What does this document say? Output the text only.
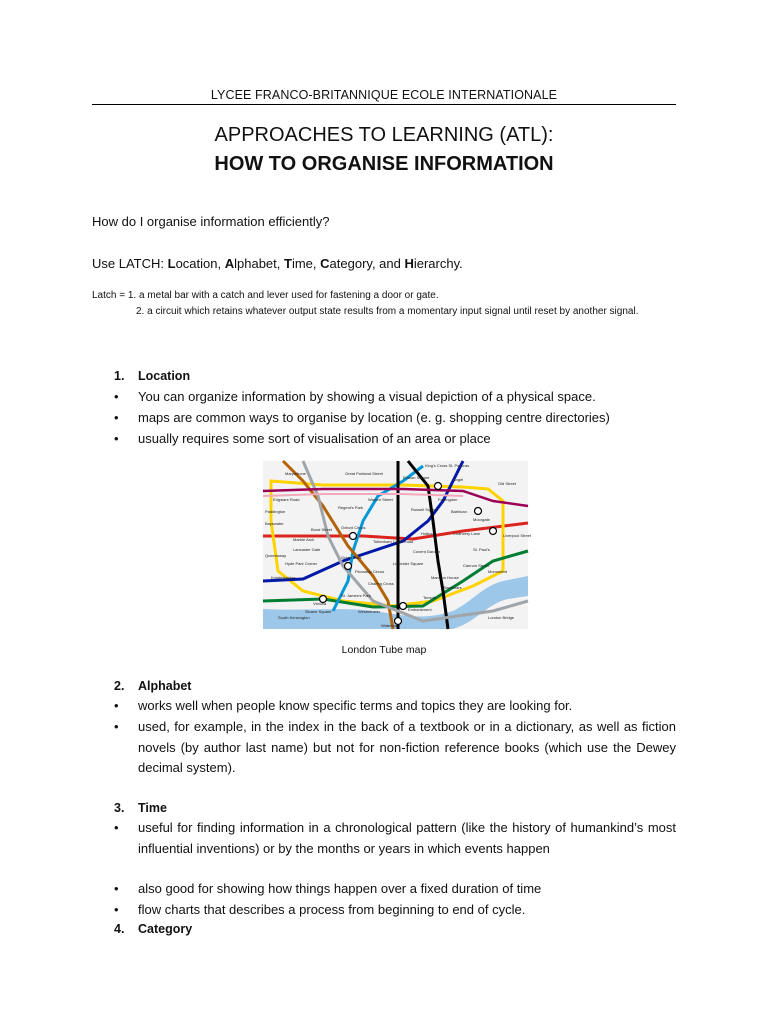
LYCEE FRANCO-BRITANNIQUE ECOLE INTERNATIONALE
APPROACHES TO LEARNING (ATL):
HOW TO ORGANISE INFORMATION
How do I organise information efficiently?
Use LATCH: Location, Alphabet, Time, Category, and Hierarchy.
Latch = 1. a metal bar with a catch and lever used for fastening a door or gate.
2. a circuit which retains whatever output state results from a momentary input signal until reset by another signal.
1. Location
•	You can organize information by showing a visual depiction of a physical space.
•	maps are common ways to organise by location (e. g. shopping centre directories)
•	usually requires some sort of visualisation of an area or place
Marylebone	Great Portland Street
Euston Square
King's Cross St. Pancras
Angel
Old Street
Warren Street
Regent's Park	Russell Square
Farringdon
Barbican
Moorgate
Bond Street Oxford Circus
Tottenham Court Road
Holborn	Chancery Lane	Liverpool Street
Lancaster Gate	Covent Garden	St. Paul's
Hyde Park Corner
Green Park
Piccadilly Circus
Leicester Square	Cannon Street
Knightsbridge
Charing Cross
Mansion House
Monument
Victoria
St. James's Park
Westminster	Embankment
Temple
Blackfriars
Sloane Square
South Kensington
Waterloo
London Bridge
Edgware Road
Paddington
Bayswater
Queensway
Marble Arch
London Tube map
2. Alphabet
•	works well when people know specific terms and topics they are looking for.
•	used, for example, in the index in the back of a textbook or in a dictionary, as well as fiction novels (by author last name) but not for non-fiction reference books (which use the Dewey decimal system).
3. Time
•	useful for finding information in a chronological pattern (like the history of humankind’s most influential inventions) or by the months or years in which events happen
•	also good for showing how things happen over a fixed duration of time
•	flow charts that describes a process from beginning to end of cycle.
4. Category
